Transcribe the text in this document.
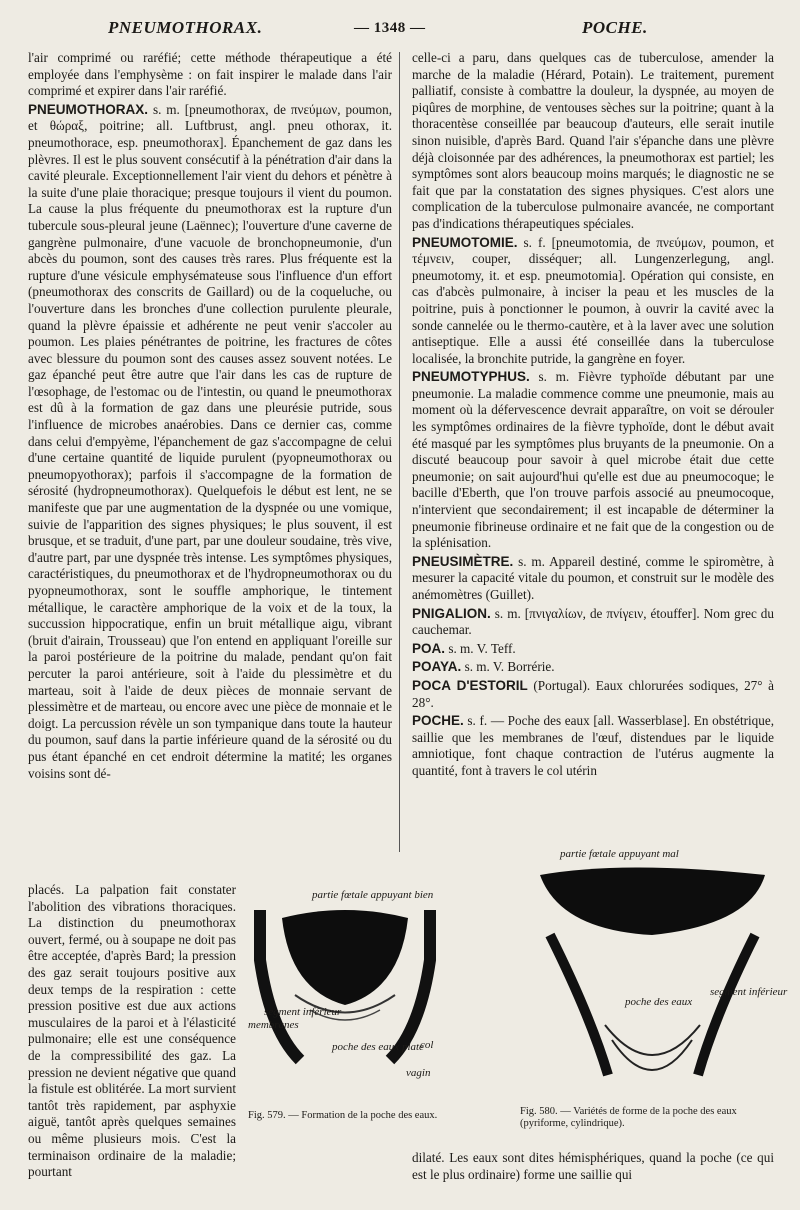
PNEUMOTHORAX.	— 1348 —	POCHE.

l'air comprimé ou raréfié; cette méthode thérapeutique a été employée dans l'emphysème : on fait inspirer le malade dans l'air comprimé et expirer dans l'air raréfié.

PNEUMOTHORAX. s. m. [pneumothorax, de πνεύμων, poumon, et θώραξ, poitrine; all. Luftbrust, angl. pneu othorax, it. pneumothorace, esp. pneumothorax]. Épanchement de gaz dans les plèvres. Il est le plus souvent consécutif à la pénétration d'air dans la cavité pleurale. Exceptionnellement l'air vient du dehors et pénètre à la suite d'une plaie thoracique; presque toujours il vient du poumon. La cause la plus fréquente du pneumothorax est la rupture d'un tubercule sous-pleural jeune (Laënnec); l'ouverture d'une caverne de gangrène pulmonaire, d'une vacuole de bronchopneumonie, d'un abcès du poumon, sont des causes très rares. Plus fréquente est la rupture d'une vésicule emphysémateuse sous l'influence d'un effort (pneumothorax des conscrits de Gaillard) ou de la coqueluche, ou l'ouverture dans les bronches d'une collection purulente pleurale, quand la plèvre épaissie et adhérente ne peut venir s'accoler au poumon. Les plaies pénétrantes de poitrine, les fractures de côtes avec blessure du poumon sont des causes assez souvent notées. Le gaz épanché peut être autre que l'air dans les cas de rupture de l'œsophage, de l'estomac ou de l'intestin, ou quand le pneumothorax est dû à la formation de gaz dans une pleurésie putride, sous l'influence de microbes anaérobies. Dans ce dernier cas, comme dans celui d'empyème, l'épanchement de gaz s'accompagne de celui d'une certaine quantité de liquide purulent (pyopneumothorax ou pneumopyothorax); parfois il s'accompagne de la formation de sérosité (hydropneumothorax). Quelquefois le début est lent, ne se manifeste que par une augmentation de la dyspnée ou une vomique, suivie de l'apparition des signes physiques; le plus souvent, il est brusque, et se traduit, d'une part, par une douleur soudaine, très vive, d'autre part, par une dyspnée très intense. Les symptômes physiques, caractéristiques, du pneumothorax et de l'hydropneumothorax ou du pyopneumothorax, sont le souffle amphorique, le tintement métallique, le caractère amphorique de la voix et de la toux, la succussion hippocratique, enfin un bruit métallique aigu, vibrant (bruit d'airain, Trousseau) que l'on entend en appliquant l'oreille sur la paroi postérieure de la poitrine du malade, pendant qu'on fait percuter la paroi antérieure, soit à l'aide du plessimètre et du marteau, soit à l'aide de deux pièces de monnaie servant de plessimètre et de marteau, ou encore avec une pièce de monnaie et le doigt. La percussion révèle un son tympanique dans toute la hauteur du poumon, sauf dans la partie inférieure quand de la sérosité ou du pus étant épanché en cet endroit détermine la matité; les organes voisins sont dé-

placés. La palpation fait constater l'abolition des vibrations thoraciques. La distinction du pneumothorax ouvert, fermé, ou à soupape ne doit pas être acceptée, d'après Bard; la pression des gaz serait toujours positive aux deux temps de la respiration : cette pression positive est due aux actions musculaires de la paroi et à l'élasticité pulmonaire; elle est une conséquence de la compressibilité des gaz. La pression ne devient négative que quand la fistule est oblitérée. La mort survient tantôt très rapidement, par asphyxie aiguë, tantôt après quelques semaines ou même plusieurs mois. C'est la terminaison ordinaire de la maladie; pourtant

celle-ci a paru, dans quelques cas de tuberculose, amender la marche de la maladie (Hérard, Potain). Le traitement, purement palliatif, consiste à combattre la douleur, la dyspnée, au moyen de piqûres de morphine, de ventouses sèches sur la poitrine; quant à la thoracentèse conseillée par beaucoup d'auteurs, elle serait inutile sinon nuisible, d'après Bard. Quand l'air s'épanche dans une plèvre déjà cloisonnée par des adhérences, la pneumothorax est partiel; les symptômes sont alors beaucoup moins marqués; le diagnostic ne se fait que par la constatation des signes physiques. C'est alors une complication de la tuberculose pulmonaire avancée, ne comportant pas d'indications thérapeutiques spéciales.

PNEUMOTOMIE. s. f. [pneumotomia, de πνεύμων, poumon, et τέμνειν, couper, disséquer; all. Lungenzerlegung, angl. pneumotomy, it. et esp. pneumotomia]. Opération qui consiste, en cas d'abcès pulmonaire, à inciser la peau et les muscles de la poitrine, puis à ponctionner le poumon, à ouvrir la cavité avec la sonde cannelée ou le thermo-cautère, et à la laver avec une solution antiseptique. Elle a aussi été conseillée dans la tuberculose localisée, la bronchite putride, la gangrène en foyer.

PNEUMOTYPHUS. s. m. Fièvre typhoïde débutant par une pneumonie. La maladie commence comme une pneumonie, mais au moment où la défervescence devrait apparaître, on voit se dérouler les symptômes ordinaires de la fièvre typhoïde, dont le début avait été masqué par les symptômes plus bruyants de la pneumonie. On a discuté beaucoup pour savoir à quel microbe était due cette pneumonie; on sait aujourd'hui qu'elle est due au pneumocoque; le bacille d'Eberth, que l'on trouve parfois associé au pneumocoque, n'intervient que secondairement; il est incapable de déterminer la pneumonie fibrineuse ordinaire et ne fait que de la congestion ou de la splénisation.

PNEUSIMÈTRE. s. m. Appareil destiné, comme le spiromètre, à mesurer la capacité vitale du poumon, et construit sur le modèle des anémomètres (Guillet).

PNIGALION. s. m. [πνιγαλίων, de πνίγειν, étouffer]. Nom grec du cauchemar.

POA. s. m. V. Teff.

POAYA. s. m. V. Borrérie.

POCA D'ESTORIL (Portugal). Eaux chlorurées sodiques, 27° à 28°.

POCHE. s. f. — Poche des eaux [all. Wasserblase]. En obstétrique, saillie que les membranes de l'œuf, distendues par le liquide amniotique, font chaque contraction de l'utérus augmente la quantité, font à travers le col utérin

partie fœtale appuyant bien
membranes
segment inférieur
poche des eaux plate
col
vagin
partie fœtale appuyant mal
segment inférieur
poche des eaux
Fig. 579. — Formation de la poche des eaux.	Fig. 580. — Variétés de forme de la poche des eaux (pyriforme, cylindrique).

dilaté. Les eaux sont dites hémisphériques, quand la poche (ce qui est le plus ordinaire) forme une saillie qui
